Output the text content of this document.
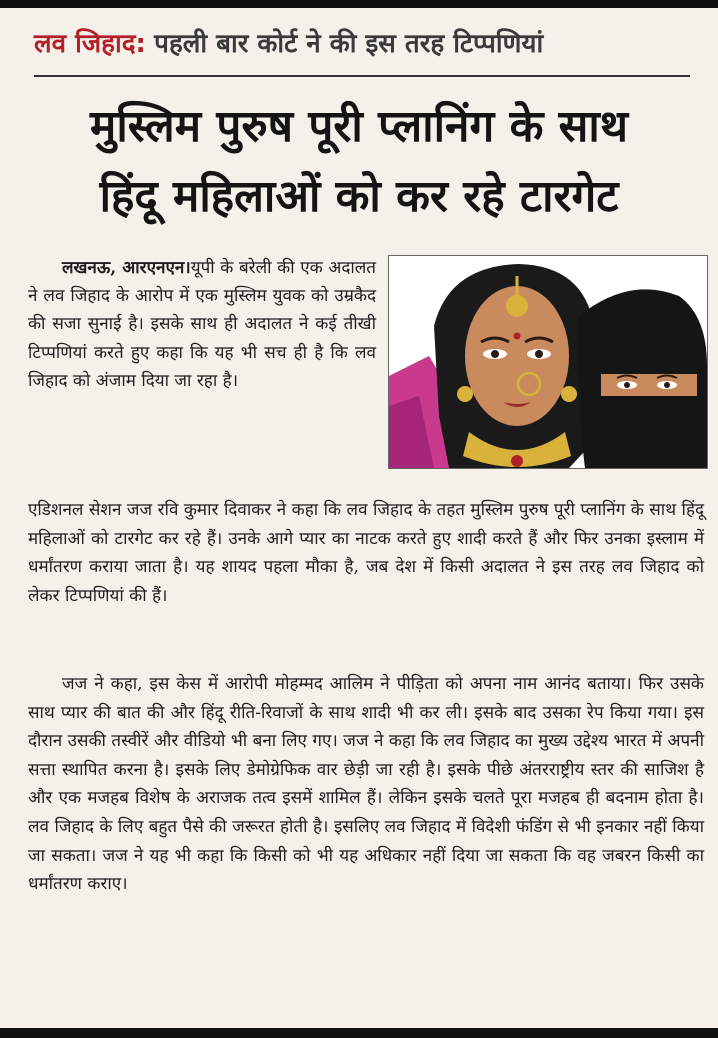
लव जिहाद: पहली बार कोर्ट ने की इस तरह टिप्पणियां
मुस्लिम पुरुष पूरी प्लानिंग के साथ
हिंदू महिलाओं को कर रहे टारगेट
लखनऊ, आरएनएन।यूपी के बरेली की एक अदालत ने लव जिहाद के आरोप में एक मुस्लिम युवक को उम्रकैद की सजा सुनाई है। इसके साथ ही अदालत ने कई तीखी टिप्पणियां करते हुए कहा कि यह भी सच ही है कि लव जिहाद को अंजाम दिया जा रहा है।
एडिशनल सेशन जज रवि कुमार दिवाकर ने कहा कि लव जिहाद के तहत मुस्लिम पुरुष पूरी प्लानिंग के साथ हिंदू महिलाओं को टारगेट कर रहे हैं। उनके आगे प्यार का नाटक करते हुए शादी करते हैं और फिर उनका इस्लाम में धर्मांतरण कराया जाता है। यह शायद पहला मौका है, जब देश में किसी अदालत ने इस तरह लव जिहाद को लेकर टिप्पणियां की हैं।
जज ने कहा, इस केस में आरोपी मोहम्मद आलिम ने पीड़िता को अपना नाम आनंद बताया। फिर उसके साथ प्यार की बात की और हिंदू रीति-रिवाजों के साथ शादी भी कर ली। इसके बाद उसका रेप किया गया। इस दौरान उसकी तस्वीरें और वीडियो भी बना लिए गए। जज ने कहा कि लव जिहाद का मुख्य उद्देश्य भारत में अपनी सत्ता स्थापित करना है। इसके लिए डेमोग्रेफिक वार छेड़ी जा रही है। इसके पीछे अंतरराष्ट्रीय स्तर की साजिश है और एक मजहब विशेष के अराजक तत्व इसमें शामिल हैं। लेकिन इसके चलते पूरा मजहब ही बदनाम होता है। लव जिहाद के लिए बहुत पैसे की जरूरत होती है। इसलिए लव जिहाद में विदेशी फंडिंग से भी इनकार नहीं किया जा सकता। जज ने यह भी कहा कि किसी को भी यह अधिकार नहीं दिया जा सकता कि वह जबरन किसी का धर्मांतरण कराए।
